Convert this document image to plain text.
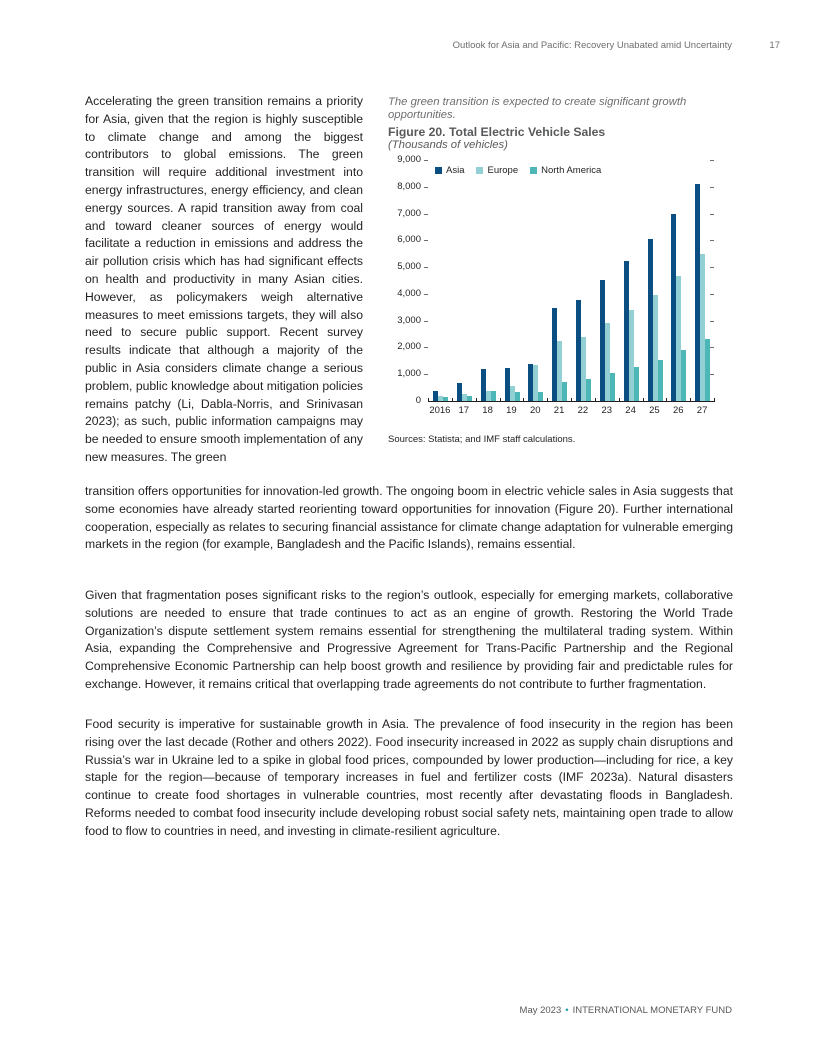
Outlook for Asia and Pacific: Recovery Unabated amid Uncertainty	17
Accelerating the green transition remains a priority for Asia, given that the region is highly susceptible to climate change and among the biggest contributors to global emissions. The green transition will require additional investment into energy infrastructures, energy efficiency, and clean energy sources. A rapid transition away from coal and toward cleaner sources of energy would facilitate a reduction in emissions and address the air pollution crisis which has had significant effects on health and productivity in many Asian cities. However, as policymakers weigh alternative measures to meet emissions targets, they will also need to secure public support. Recent survey results indicate that although a majority of the public in Asia considers climate change a serious problem, public knowledge about mitigation policies remains patchy (Li, Dabla-Norris, and Srinivasan 2023); as such, public information campaigns may be needed to ensure smooth implementation of any new measures. The green
The green transition is expected to create significant growth opportunities.
Figure 20. Total Electric Vehicle Sales
(Thousands of vehicles)
Asia Europe North America
0
1,000
2,000
3,000
4,000
5,000
6,000
7,000
8,000
9,000
2016 17	18	19	20	21	22	23	24	25	26	27
Sources: Statista; and IMF staff calculations.

transition offers opportunities for innovation-led growth. The ongoing boom in electric vehicle sales in Asia suggests that some economies have already started reorienting toward opportunities for innovation (Figure 20). Further international cooperation, especially as relates to securing financial assistance for climate change adaptation for vulnerable emerging markets in the region (for example, Bangladesh and the Pacific Islands), remains essential.

Given that fragmentation poses significant risks to the region’s outlook, especially for emerging markets, collaborative solutions are needed to ensure that trade continues to act as an engine of growth. Restoring the World Trade Organization’s dispute settlement system remains essential for strengthening the multilateral trading system. Within Asia, expanding the Comprehensive and Progressive Agreement for Trans-Pacific Partnership and the Regional Comprehensive Economic Partnership can help boost growth and resilience by providing fair and predictable rules for exchange. However, it remains critical that overlapping trade agreements do not contribute to further fragmentation.

Food security is imperative for sustainable growth in Asia. The prevalence of food insecurity in the region has been rising over the last decade (Rother and others 2022). Food insecurity increased in 2022 as supply chain disruptions and Russia’s war in Ukraine led to a spike in global food prices, compounded by lower production—including for rice, a key staple for the region—because of temporary increases in fuel and fertilizer costs (IMF 2023a). Natural disasters continue to create food shortages in vulnerable countries, most recently after devastating floods in Bangladesh. Reforms needed to combat food insecurity include developing robust social safety nets, maintaining open trade to allow food to flow to countries in need, and investing in climate-resilient agriculture.

May 2023 • INTERNATIONAL MONETARY FUND
